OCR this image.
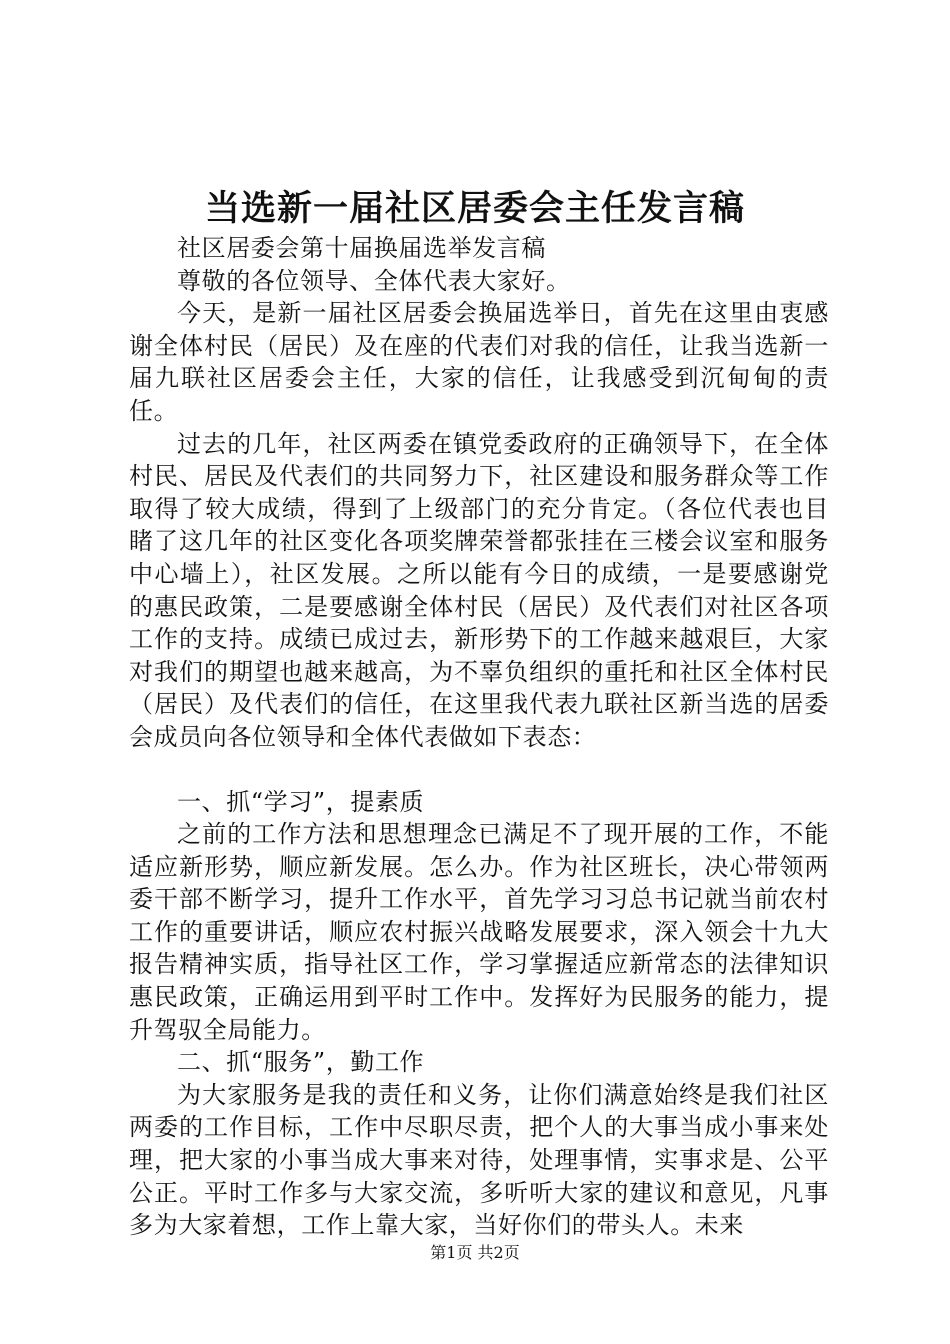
当选新一届社区居委会主任发言稿

社区居委会第十届换届选举发言稿

尊敬的各位领导、全体代表大家好。

今天，是新一届社区居委会换届选举日，首先在这里由衷感谢全体村民（居民）及在座的代表们对我的信任，让我当选新一届九联社区居委会主任，大家的信任，让我感受到沉甸甸的责任。

过去的几年，社区两委在镇党委政府的正确领导下，在全体村民、居民及代表们的共同努力下，社区建设和服务群众等工作取得了较大成绩，得到了上级部门的充分肯定。（各位代表也目睹了这几年的社区变化各项奖牌荣誉都张挂在三楼会议室和服务中心墙上），社区发展。之所以能有今日的成绩，一是要感谢党的惠民政策，二是要感谢全体村民（居民）及代表们对社区各项工作的支持。成绩已成过去，新形势下的工作越来越艰巨，大家对我们的期望也越来越高，为不辜负组织的重托和社区全体村民（居民）及代表们的信任，在这里我代表九联社区新当选的居委会成员向各位领导和全体代表做如下表态：

一、抓“学习”，提素质

之前的工作方法和思想理念已满足不了现开展的工作，不能适应新形势，顺应新发展。怎么办。作为社区班长，决心带领两委干部不断学习，提升工作水平，首先学习习总书记就当前农村工作的重要讲话，顺应农村振兴战略发展要求，深入领会十九大报告精神实质，指导社区工作，学习掌握适应新常态的法律知识惠民政策，正确运用到平时工作中。发挥好为民服务的能力，提升驾驭全局能力。

二、抓“服务”，勤工作

为大家服务是我的责任和义务，让你们满意始终是我们社区两委的工作目标，工作中尽职尽责，把个人的大事当成小事来处理，把大家的小事当成大事来对待，处理事情，实事求是、公平公正。平时工作多与大家交流，多听听大家的建议和意见，凡事多为大家着想，工作上靠大家，当好你们的带头人。未来

第1页 共2页
